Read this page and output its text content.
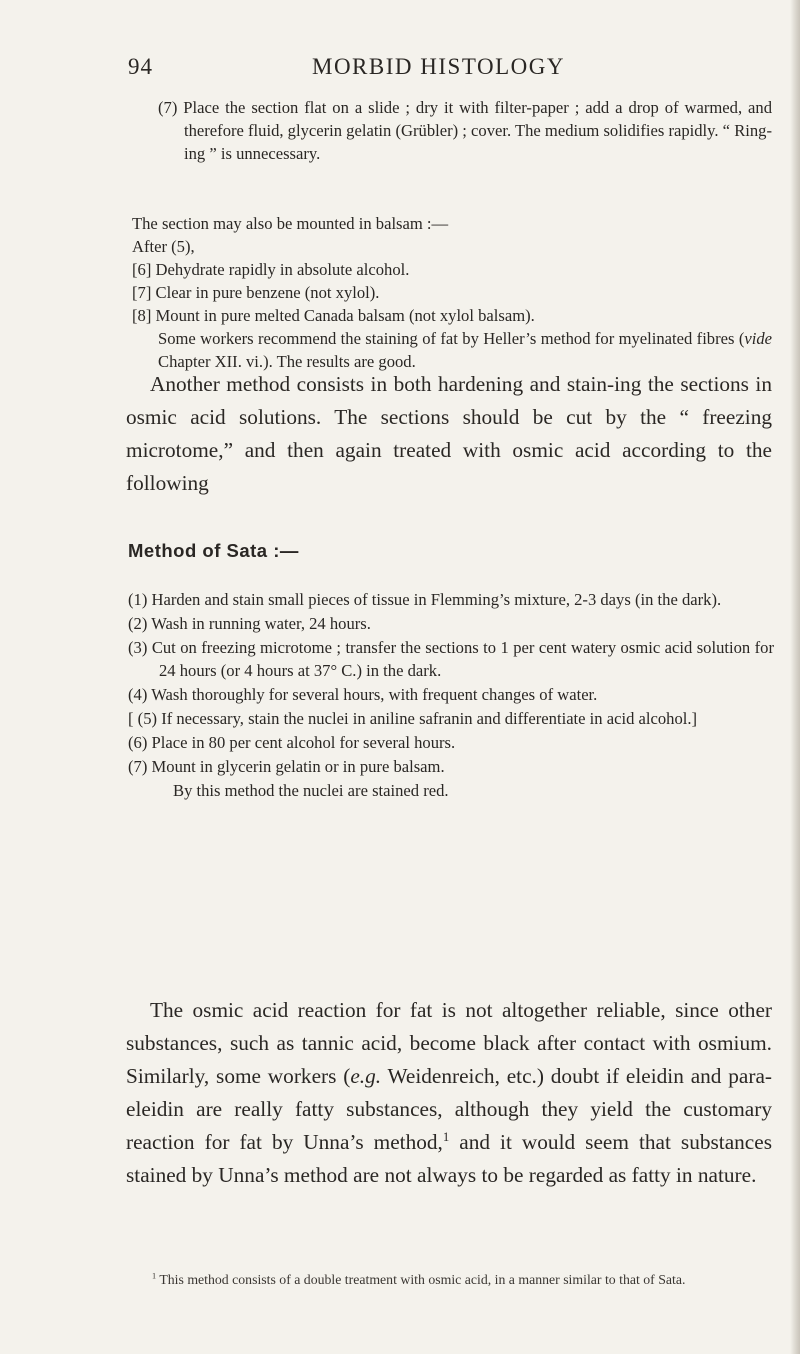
94	MORBID HISTOLOGY

(7) Place the section flat on a slide ; dry it with filter-paper ; add a drop of warmed, and therefore fluid, glycerin gelatin (Grübler) ; cover. The medium solidifies rapidly. “ Ring-ing ” is unnecessary.

The section may also be mounted in balsam :—

After (5),

[6] Dehydrate rapidly in absolute alcohol.

[7] Clear in pure benzene (not xylol).

[8] Mount in pure melted Canada balsam (not xylol balsam).

Some workers recommend the staining of fat by Heller’s method for myelinated fibres (vide Chapter XII. vi.). The results are good.

Another method consists in both hardening and stain-ing the sections in osmic acid solutions. The sections should be cut by the “ freezing microtome,” and then again treated with osmic acid according to the following

Method of Sata :—

(1) Harden and stain small pieces of tissue in Flemming’s mixture, 2-3 days (in the dark).

(2) Wash in running water, 24 hours.

(3) Cut on freezing microtome ; transfer the sections to 1 per cent watery osmic acid solution for 24 hours (or 4 hours at 37° C.) in the dark.

(4) Wash thoroughly for several hours, with frequent changes of water.

[ (5) If necessary, stain the nuclei in aniline safranin and differentiate in acid alcohol.]

(6) Place in 80 per cent alcohol for several hours.

(7) Mount in glycerin gelatin or in pure balsam.

By this method the nuclei are stained red.

The osmic acid reaction for fat is not altogether reliable, since other substances, such as tannic acid, become black after contact with osmium. Similarly, some workers (e.g. Weidenreich, etc.) doubt if eleidin and para-eleidin are really fatty substances, although they yield the customary reaction for fat by Unna’s method,$^1$ and it would seem that substances stained by Unna’s method are not always to be regarded as fatty in nature.

$^1$ This method consists of a double treatment with osmic acid, in a manner similar to that of Sata.
